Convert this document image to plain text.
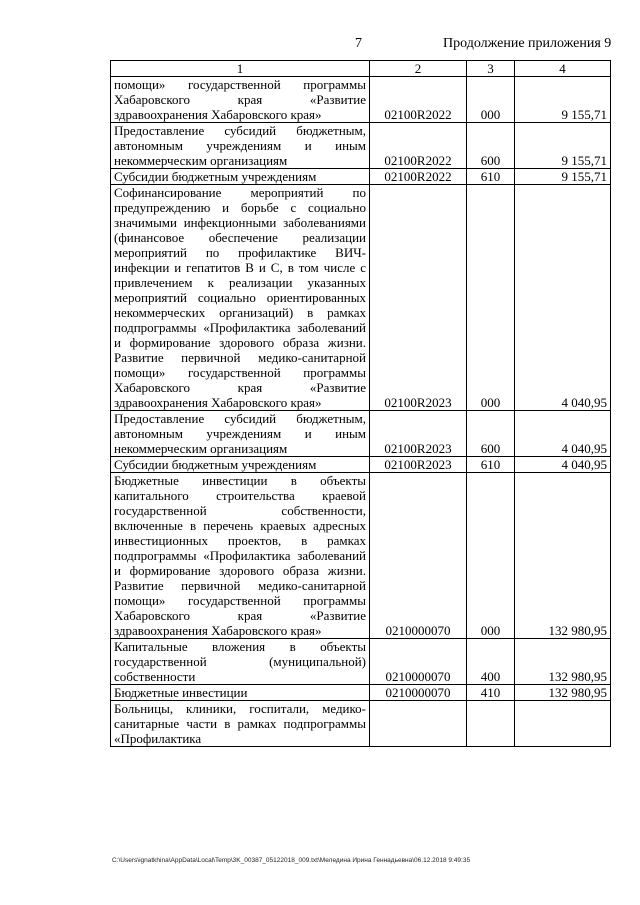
7	Продолжение приложения 9
1	2	3	4
помощи» государственной программы Хабаровского края «Развитие здравоохранения Хабаровского края»	02100R2022	000	9 155,71
Предоставление субсидий бюджетным, автономным учреждениям и иным некоммерческим организациям	02100R2022	600	9 155,71
Субсидии бюджетным учреждениям	02100R2022	610	9 155,71
Софинансирование мероприятий по предупреждению и борьбе с социально значимыми инфекционными заболеваниями (финансовое обеспечение реализации мероприятий по профилактике ВИЧ-инфекции и гепатитов В и С, в том числе с привлечением к реализации указанных мероприятий социально ориентированных некоммерческих организаций) в рамках подпрограммы «Профилактика заболеваний и формирование здорового образа жизни. Развитие первичной медико-санитарной помощи» государственной программы Хабаровского края «Развитие здравоохранения Хабаровского края»	02100R2023	000	4 040,95
Предоставление субсидий бюджетным, автономным учреждениям и иным некоммерческим организациям	02100R2023	600	4 040,95
Субсидии бюджетным учреждениям	02100R2023	610	4 040,95
Бюджетные инвестиции в объекты капитального строительства краевой государственной собственности, включенные в перечень краевых адресных инвестиционных проектов, в рамках подпрограммы «Профилактика заболеваний и формирование здорового образа жизни. Развитие первичной медико-санитарной помощи» государственной программы Хабаровского края «Развитие здравоохранения Хабаровского края»	0210000070	000	132 980,95
Капитальные вложения в объекты государственной (муниципальной) собственности	0210000070	400	132 980,95
Бюджетные инвестиции	0210000070	410	132 980,95
Больницы, клиники, госпитали, медико-санитарные части в рамках подпрограммы «Профилактика			
C:\Users\ignatkhina\AppData\Local\Temp\3K_00387_05122018_009.txt\Меледина Ирина Геннадьевна\06.12.2018 9:49:35
